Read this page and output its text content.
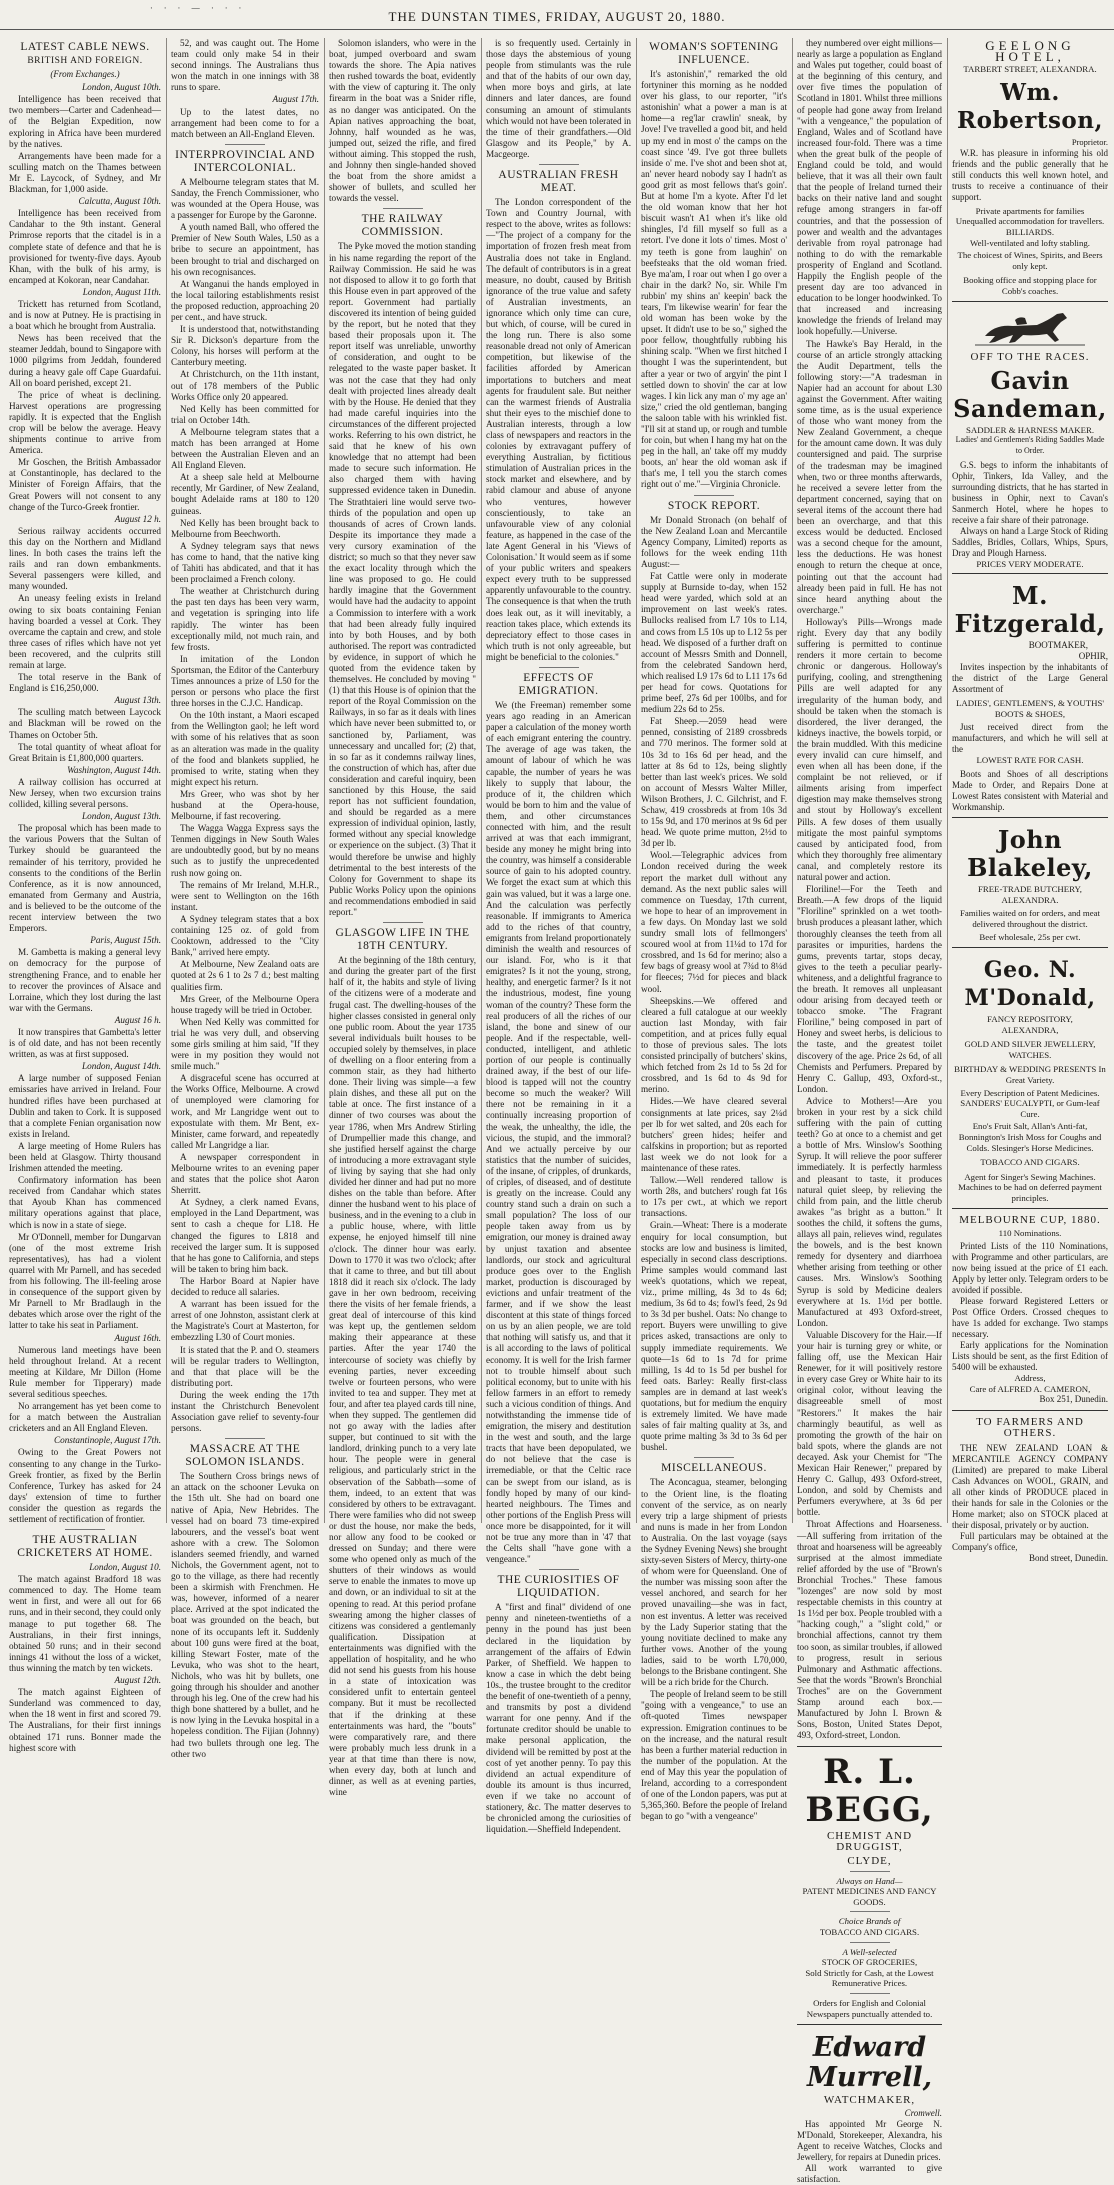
· · · — · · ·	THE DUNSTAN TIMES, FRIDAY, AUGUST 20, 1880.
LATEST CABLE NEWS.
BRITISH AND FOREIGN.
(From Exchanges.)
London, August 10th.

Intelligence has been received that two members—Carter and Cadenhead—of the Belgian Expedition, now exploring in Africa have been murdered by the natives.

Arrangements have been made for a sculling match on the Thames between Mr E. Laycock, of Sydney, and Mr Blackman, for 1,000 aside.

Calcutta, August 10th.

Intelligence has been received from Candahar to the 9th instant. General Primrose reports that the citadel is in a complete state of defence and that he is provisioned for twenty-five days. Ayoub Khan, with the bulk of his army, is encamped at Kokoran, near Candahar.

London, August 11th.

Trickett has returned from Scotland, and is now at Putney. He is practising in a boat which he brought from Australia.

News has been received that the steamer Jeddah, bound to Singapore with 1000 pilgrims from Jeddah, foundered during a heavy gale off Cape Guardafui. All on board perished, except 21.

The price of wheat is declining. Harvest operations are progressing rapidly. It is expected that the English crop will be below the average. Heavy shipments continue to arrive from America.

Mr Goschen, the British Ambassador at Constantinople, has declared to the Minister of Foreign Affairs, that the Great Powers will not consent to any change of the Turco-Greek frontier.

August 12 h.

Serious railway accidents occurred this day on the Northern and Midland lines. In both cases the trains left the rails and ran down embankments. Several passengers were killed, and many wounded.

An uneasy feeling exists in Ireland owing to six boats containing Fenian having boarded a vessel at Cork. They overcame the captain and crew, and stole three cases of rifles which have not yet been recovered, and the culprits still remain at large.

The total reserve in the Bank of England is £16,250,000.

August 13th.

The sculling match between Laycock and Blackman will be rowed on the Thames on October 5th.

The total quantity of wheat afloat for Great Britain is £1,800,000 quarters.

Washington, August 14th.

A railway collision has occurred at New Jersey, when two excursion trains collided, killing several persons.

London, August 13th.

The proposal which has been made to the various Powers that the Sultan of Turkey should be guaranteed the remainder of his territory, provided he consents to the conditions of the Berlin Conference, as it is now announced, emanated from Germany and Austria, and is believed to be the outcome of the recent interview between the two Emperors.

Paris, August 15th.

M. Gambetta is making a general levy on democracy for the purpose of strengthening France, and to enable her to recover the provinces of Alsace and Lorraine, which they lost during the last war with the Germans.

August 16 h.

It now transpires that Gambetta's letter is of old date, and has not been recently written, as was at first supposed.

London, August 14th.

A large number of supposed Fenian emissaries have arrived in Ireland. Four hundred rifles have been purchased at Dublin and taken to Cork. It is supposed that a complete Fenian organisation now exists in Ireland.

A large meeting of Home Rulers has been held at Glasgow. Thirty thousand Irishmen attended the meeting.

Confirmatory information has been received from Candahar which states that Ayoub Khan has commenced military operations against that place, which is now in a state of siege.

Mr O'Donnell, member for Dungarvan (one of the most extreme Irish representatives), has had a violent quarrel with Mr Parnell, and has seceded from his following. The ill-feeling arose in consequence of the support given by Mr Parnell to Mr Bradlaugh in the debates which arose over the right of the latter to take his seat in Parliament.

August 16th.

Numerous land meetings have been held throughout Ireland. At a recent meeting at Kildare, Mr Dillon (Home Rule member for Tipperary) made several seditious speeches.

No arrangement has yet been come to for a match between the Australian cricketers and an All England Eleven.

Constantinople, August 17th.

Owing to the Great Powers not consenting to any change in the Turko-Greek frontier, as fixed by the Berlin Conference, Turkey has asked for 24 days' extension of time to further consider the question as regards the settlement of rectification of frontier.

THE AUSTRALIAN CRICKETERS AT HOME.
London, August 10.

The match against Bradford 18 was commenced to day. The Home team went in first, and were all out for 66 runs, and in their second, they could only manage to put together 68. The Australians, in their first innings, obtained 50 runs; and in their second innings 41 without the loss of a wicket, thus winning the match by ten wickets.

August 12th.

The match against Eighteen of Sunderland was commenced to day, when the 18 went in first and scored 79. The Australians, for their first innings obtained 171 runs. Bonner made the highest score with

52, and was caught out. The Home team could only make 54 in their second innings. The Australians thus won the match in one innings with 38 runs to spare.

August 17th.

Up to the latest dates, no arrangement had been come to for a match between an All-England Eleven.

INTERPROVINCIAL AND INTERCOLONIAL.

A Melbourne telegram states that M. Sanday, the French Commissioner, who was wounded at the Opera House, was a passenger for Europe by the Garonne.

A youth named Ball, who offered the Premier of New South Wales, L50 as a bribe to secure an appointment, has been brought to trial and discharged on his own recognisances.

At Wanganui the hands employed in the local tailoring establishments resist the proposed reduction, approaching 20 per cent., and have struck.

It is understood that, notwithstanding Sir R. Dickson's departure from the Colony, his horses will perform at the Canterbury meeting.

At Christchurch, on the 11th instant, out of 178 members of the Public Works Office only 20 appeared.

Ned Kelly has been committed for trial on October 14th.

A Melbourne telegram states that a match has been arranged at Home between the Australian Eleven and an All England Eleven.

At a sheep sale held at Melbourne recently, Mr Gardiner, of New Zealand, bought Adelaide rams at 180 to 120 guineas.

Ned Kelly has been brought back to Melbourne from Beechworth.

A Sydney telegram says that news has come to hand, that the native king of Tahiti has abdicated, and that it has been proclaimed a French colony.

The weather at Christchurch during the past ten days has been very warm, and vegetation is springing into life rapidly. The winter has been exceptionally mild, not much rain, and few frosts.

In imitation of the London Sportsman, the Editor of the Canterbury Times announces a prize of L50 for the person or persons who place the first three horses in the C.J.C. Handicap.

On the 10th instant, a Maori escaped from the Wellington gaol; he left word with some of his relatives that as soon as an alteration was made in the quality of the food and blankets supplied, he promised to write, stating when they might expect his return.

Mrs Greer, who was shot by her husband at the Opera-house, Melbourne, if fast recovering.

The Wagga Wagga Express says the Tenmen diggings in New South Wales are undoubtedly good, but by no means such as to justify the unprecedented rush now going on.

The remains of Mr Ireland, M.H.R., were sent to Wellington on the 16th instant.

A Sydney telegram states that a box containing 125 oz. of gold from Cooktown, addressed to the "City Bank," arrived here empty.

At Melbourne, New Zealand oats are quoted at 2s 6 1 to 2s 7 d.; best malting qualities firm.

Mrs Greer, of the Melbourne Opera house tragedy will be tried in October.

When Ned Kelly was committed for trial he was very dull, and observing some girls smiling at him said, "If they were in my position they would not smile much."

A disgraceful scene has occurred at the Works Office, Melbourne. A crowd of unemployed were clamoring for work, and Mr Langridge went out to expostulate with them. Mr Bent, ex-Minister, came forward, and repeatedly called Mr Langridge a liar.

A newspaper correspondent in Melbourne writes to an evening paper and states that the police shot Aaron Sherritt.

At Sydney, a clerk named Evans, employed in the Land Department, was sent to cash a cheque for L18. He changed the figures to L818 and received the larger sum. It is supposed that he has gone to California, and steps will be taken to bring him back.

The Harbor Board at Napier have decided to reduce all salaries.

A warrant has been issued for the arrest of one Johnston, assistant clerk at the Magistrate's Court at Masterton, for embezzling L30 of Court monies.

It is stated that the P. and O. steamers will be regular traders to Wellington, and that that place will be the distributing port.

During the week ending the 17th instant the Christchurch Benevolent Association gave relief to seventy-four persons.

MASSACRE AT THE SOLOMON ISLANDS.

The Southern Cross brings news of an attack on the schooner Levuka on the 15th ult. She had on board one native of Apia, New Hebrides. The vessel had on board 73 time-expired labourers, and the vessel's boat went ashore with a crew. The Solomon islanders seemed friendly, and warned Nichols, the Government agent, not to go to the village, as there had recently been a skirmish with Frenchmen. He was, however, informed of a nearer place. Arrived at the spot indicated the boat was grounded on the beach, but none of its occupants left it. Suddenly about 100 guns were fired at the boat, killing Stewart Foster, mate of the Levuka, who was shot to the heart, Nichols, who was hit by bullets, one going through his shoulder and another through his leg. One of the crew had his thigh bone shattered by a bullet, and he is now lying in the Levuka hospital in a hopeless condition. The Fijian (Johnny) had two bullets through one leg. The other two

Solomon islanders, who were in the boat, jumped overboard and swam towards the shore. The Apia natives then rushed towards the boat, evidently with the view of capturing it. The only firearm in the boat was a Snider rifle, as no danger was anticipated. On the Apian natives approaching the boat, Johnny, half wounded as he was, jumped out, seized the rifle, and fired without aiming. This stopped the rush, and Johnny then single-handed shoved the boat from the shore amidst a shower of bullets, and sculled her towards the vessel.

THE RAILWAY COMMISSION.

The Pyke moved the motion standing in his name regarding the report of the Railway Commission. He said he was not disposed to allow it to go forth that this House even in part approved of the report. Government had partially discovered its intention of being guided by the report, but he noted that they based their proposals upon it. The report itself was unreliable, unworthy of consideration, and ought to be relegated to the waste paper basket. It was not the case that they had only dealt with projected lines already dealt with by the House. He denied that they had made careful inquiries into the circumstances of the different projected works. Referring to his own district, he said that he knew of his own knowledge that no attempt had been made to secure such information. He also charged them with having suppressed evidence taken in Dunedin. The Strathtaieri line would serve two-thirds of the population and open up thousands of acres of Crown lands. Despite its importance they made a very cursory examination of the district; so much so that they never saw the exact locality through which the line was proposed to go. He could hardly imagine that the Government would have had the audacity to appoint a Commission to interfere with a work that had been already fully inquired into by both Houses, and by both authorised. The report was contradicted by evidence, in support of which he quoted from the evidence taken by themselves. He concluded by moving "(1) that this House is of opinion that the report of the Royal Commission on the Railways, in so far as it deals with lines which have never been submitted to, or sanctioned by, Parliament, was unnecessary and uncalled for; (2) that, in so far as it condemns railway lines, the construction of which has, after due consideration and careful inquiry, been sanctioned by this House, the said report has not sufficient foundation, and should be regarded as a mere expression of individual opinion, lastly, formed without any special knowledge or experience on the subject. (3) That it would therefore be unwise and highly detrimental to the best interests of the Colony for Government to shape its Public Works Policy upon the opinions and recommendations embodied in said report."

GLASGOW LIFE IN THE 18TH CENTURY.

At the beginning of the 18th century, and during the greater part of the first half of it, the habits and style of living of the citizens were of a moderate and frugal cast. The dwelling-houses of the higher classes consisted in general only one public room. About the year 1735 several individuals built houses to be occupied solely by themselves, in place of dwelling on a floor entering from a common stair, as they had hitherto done. Their living was simple—a few plain dishes, and these all put on the table at once. The first instance of a dinner of two courses was about the year 1786, when Mrs Andrew Stirling of Drumpellier made this change, and she justified herself against the charge of introducing a more extravagant style of living by saying that she had only divided her dinner and had put no more dishes on the table than before. After dinner the husband went to his place of business, and in the evening to a club in a public house, where, with little expense, he enjoyed himself till nine o'clock. The dinner hour was early. Down to 1770 it was two o'clock; after that it came to three, and but till about 1818 did it reach six o'clock. The lady gave in her own bedroom, receiving there the visits of her female friends, a great deal of intercourse of this kind was kept up, the gentlemen seldom making their appearance at these parties. After the year 1740 the intercourse of society was chiefly by evening parties, never exceeding twelve or fourteen persons, who were invited to tea and supper. They met at four, and after tea played cards till nine, when they supped. The gentlemen did not go away with the ladies after supper, but continued to sit with the landlord, drinking punch to a very late hour. The people were in general religious, and particularly strict in the observation of the Sabbath—some of them, indeed, to an extent that was considered by others to be extravagant. There were families who did not sweep or dust the house, nor make the beds, nor allow any food to be cooked or dressed on Sunday; and there were some who opened only as much of the shutters of their windows as would serve to enable the inmates to move up and down, or an individual to sit at the opening to read. At this period profane swearing among the higher classes of citizens was considered a gentlemanly qualification. Dissipation at entertainments was dignified with the appellation of hospitality, and he who did not send his guests from his house in a state of intoxication was considered unfit to entertain genteel company. But it must be recollected that if the drinking at these entertainments was hard, the "bouts" were comparatively rare, and there were probably much less drunk in a year at that time than there is now, when every day, both at lunch and dinner, as well as at evening parties, wine

is so frequently used. Certainly in those days the abstemious of young people from stimulants was the rule and that of the habits of our own day, when more boys and girls, at late dinners and later dances, are found consuming an amount of stimulants which would not have been tolerated in the time of their grandfathers.—Old Glasgow and its People," by A. Macgeorge.

AUSTRALIAN FRESH MEAT.

The London correspondent of the Town and Country Journal, with respect to the above, writes as follows:—"The project of a company for the importation of frozen fresh meat from Australia does not take in England. The default of contributors is in a great measure, no doubt, caused by British ignorance of the true value and safety of Australian investments, an ignorance which only time can cure, but which, of course, will be cured in the long run. There is also some reasonable dread not only of American competition, but likewise of the facilities afforded by American importations to butchers and meat agents for fraudulent sale. But neither can the warmest friends of Australia shut their eyes to the mischief done to Australian interests, through a low class of newspapers and reactors in the colonies by extravagant puffery of everything Australian, by fictitious stimulation of Australian prices in the stock market and elsewhere, and by rabid clamour and abuse of anyone who ventures, however conscientiously, to take an unfavourable view of any colonial feature, as happened in the case of the late Agent General in his 'Views of Colonisation.' It would seem as if some of your public writers and speakers expect every truth to be suppressed apparently unfavourable to the country. The consequence is that when the truth does leak out, as it will inevitably, a reaction takes place, which extends its depreciatory effect to those cases in which truth is not only agreeable, but might be beneficial to the colonies."

EFFECTS OF EMIGRATION.

We (the Freeman) remember some years ago reading in an American paper a calculation of the money worth of each emigrant entering the country. The average of age was taken, the amount of labour of which he was capable, the number of years he was likely to supply that labour, the produce of it, the children which would be born to him and the value of them, and other circumstances connected with him, and the result arrived at was that each immigrant, beside any money he might bring into the country, was himself a considerable source of gain to his adopted country. We forget the exact sum at which this gain was valued, but it was a large one. And the calculation was perfectly reasonable. If immigrants to America add to the riches of that country, emigrants from Ireland proportionately diminish the wealth and resources of our island. For, who is it that emigrates? Is it not the young, strong, healthy, and energetic farmer? Is it not the industrious, modest, fine young woman of the country? These form the real producers of all the riches of our island, the bone and sinew of our people. And if the respectable, well-conducted, intelligent, and athletic portion of our people is continually drained away, if the best of our life-blood is tapped will not the country become so much the weaker? Will there not be remaining in it a continually increasing proportion of the weak, the unhealthy, the idle, the vicious, the stupid, and the immoral? And we actually perceive by our statistics that the number of suicides, of the insane, of cripples, of drunkards, of criples, of diseased, and of destitute is greatly on the increase. Could any country stand such a drain on such a small population? The loss of our people taken away from us by emigration, our money is drained away by unjust taxation and absentee landlords, our stock and agricultural produce goes over to the English market, production is discouraged by evictions and unfair treatment of the farmer, and if we show the least discontent at this state of things forced on us by an alien people, we are told that nothing will satisfy us, and that it is all according to the laws of political economy. It is well for the Irish farmer not to trouble himself about such political economy, but to unite with his fellow farmers in an effort to remedy such a vicious condition of things. And notwithstanding the immense tide of emigration, the misery and destitution in the west and south, and the large tracts that have been depopulated, we do not believe that the case is irremediable, or that the Celtic race can be swept from our island, as is fondly hoped by many of our kind-hearted neighbours. The Times and other portions of the English Press will once more be disappointed, for it will not be true any more than in '47 that the Celts shall "have gone with a vengeance."

THE CURIOSITIES OF LIQUIDATION.

A "first and final" dividend of one penny and nineteen-twentieths of a penny in the pound has just been declared in the liquidation by arrangement of the affairs of Edwin Parker, of Sheffield. We happen to know a case in which the debt being 10s., the trustee brought to the creditor the benefit of one-twentieth of a penny, and transmits by post a dividend warrant for one penny. And if the fortunate creditor should be unable to make personal application, the dividend will be remitted by post at the cost of yet another penny. To pay this dividend an actual expenditure of double its amount is thus incurred, even if we take no account of stationery, &c. The matter deserves to be chronicled among the curiosities of liquidation.—Sheffield Independent.

WOMAN'S SOFTENING INFLUENCE.

It's astonishin'," remarked the old fortyniner this morning as he nodded over his glass, to our reporter, "it's astonishin' what a power a man is at home—a reg'lar crawlin' sneak, by Jove! I've travelled a good bit, and held up my end in most o' the camps on the coast since '49. I've got three bullets inside o' me. I've shot and been shot at, an' never heard nobody say I hadn't as good grit as most fellows that's goin'. But at home I'm a kyote. After I'd let the old woman know that her hot biscuit wasn't A1 when it's like old shingles, I'd fill myself so full as a retort. I've done it lots o' times. Most o' my teeth is gone from laughin' on beefsteaks that the old woman fried. Bye ma'am, I roar out when I go over a chair in the dark? No, sir. While I'm rubbin' my shins an' keepin' back the tears, I'm likewise wearin' for fear the old woman has been woke by the upset. It didn't use to be so," sighed the poor fellow, thoughtfully rubbing his shining scalp. "When we first hitched I thought I was the superintendent, but after a year or two of argyin' the pint I settled down to shovin' the car at low wages. I kin lick any man o' my age an' size," cried the old gentleman, banging the saloon table with his wrinkled fist. "I'll sit at stand up, or rough and tumble for coin, but when I hang my hat on the peg in the hall, an' take off my muddy boots, an' hear the old woman ask if that's me, I tell you the starch comes right out o' me."—Virginia Chronicle.

STOCK REPORT.

Mr Donald Stronach (on behalf of the New Zealand Loan and Mercantile Agency Company, Limited) reports as follows for the week ending 11th August:—

Fat Cattle were only in moderate supply at Burnside to-day, when 152 head were yarded, which sold at an improvement on last week's rates. Bullocks realised from L7 10s to L14, and cows from L5 10s up to L12 5s per head. We disposed of a further draft on account of Messrs Smith and Donnell, from the celebrated Sandown herd, which realised L9 17s 6d to L11 17s 6d per head for cows. Quotations for prime beef, 27s 6d per 100lbs, and for medium 22s 6d to 25s.

Fat Sheep.—2059 head were penned, consisting of 2189 crossbreds and 770 merinos. The former sold at 10s 3d to 16s 6d per head, and the latter at 8s 6d to 12s, being slightly better than last week's prices. We sold on account of Messrs Walter Miller, Wilson Brothers, J. C. Gilchrist, and F. Schaw, 419 crossbreds at from 10s 3d to 15s 9d, and 170 merinos at 9s 6d per head. We quote prime mutton, 2½d to 3d per lb.

Wool.—Telegraphic advices from London received during the week report the market dull without any demand. As the next public sales will commence on Tuesday, 17th current, we hope to hear of an improvement in a few days. On Monday last we sold sundry small lots of fellmongers' scoured wool at from 11¼d to 17d for crossbred, and 1s 6d for merino; also a few bags of greasy wool at 7¾d to 8¼d for fleeces; 7½d for pieces and black wool.

Sheepskins.—We offered and cleared a full catalogue at our weekly auction last Monday, with fair competition, and at prices fully equal to those of previous sales. The lots consisted principally of butchers' skins, which fetched from 2s 1d to 5s 2d for crossbred, and 1s 6d to 4s 9d for merino.

Hides.—We have cleared several consignments at late prices, say 2¼d per lb for wet salted, and 20s each for butchers' green hides; heifer and calfskins in proportion; but as reported last week we do not look for a maintenance of these rates.

Tallow.—Well rendered tallow is worth 28s, and butchers' rough fat 16s to 17s per cwt., at which we report transactions.

Grain.—Wheat: There is a moderate enquiry for local consumption, but stocks are low and business is limited, especially in second class descriptions. Prime samples would command last week's quotations, which we repeat, viz., prime milling, 4s 3d to 4s 6d; medium, 3s 6d to 4s; fowl's feed, 2s 9d to 3s 3d per bushel. Oats: No change to report. Buyers were unwilling to give prices asked, transactions are only to supply immediate requirements. We quote—1s 6d to 1s 7d for prime milling, 1s 4d to 1s 5d per bushel for feed oats. Barley: Really first-class samples are in demand at last week's quotations, but for medium the enquiry is extremely limited. We have made sales of fair malting quality at 3s, and quote prime malting 3s 3d to 3s 6d per bushel.

MISCELLANEOUS.

The Aconcagua, steamer, belonging to the Orient line, is the floating convent of the service, as on nearly every trip a large shipment of priests and nuns is made in her from London to Australia. On the last voyage (says the Sydney Evening News) she brought sixty-seven Sisters of Mercy, thirty-one of whom were for Queensland. One of the number was missing soon after the vessel anchored, and search for her proved unavailing—she was in fact, non est inventus. A letter was received by the Lady Superior stating that the young novitiate declined to make any further vows. Another of the young ladies, said to be worth L70,000, belongs to the Brisbane contingent. She will be a rich bride for the Church.

The people of Ireland seem to be still "going with a vengeance," to use an oft-quoted Times newspaper expression. Emigration continues to be on the increase, and the natural result has been a further material reduction in the number of the population. At the end of May this year the population of Ireland, according to a correspondent of one of the London papers, was put at 5,365,360. Before the people of Ireland began to go "with a vengeance"

they numbered over eight millions—nearly as large a population as England and Wales put together, could boast of at the beginning of this century, and over five times the population of Scotland in 1801. Whilst three millions of people had gone away from Ireland "with a vengeance," the population of England, Wales and of Scotland have increased four-fold. There was a time when the great bulk of the people of England could be told, and would believe, that it was all their own fault that the people of Ireland turned their backs on their native land and sought refuge among strangers in far-off countries, and that the possession of power and wealth and the advantages derivable from royal patronage had nothing to do with the remarkable prosperity of England and Scotland. Happily the English people of the present day are too advanced in education to be longer hoodwinked. To that increased and increasing knowledge the friends of Ireland may look hopefully.—Universe.

The Hawke's Bay Herald, in the course of an article strongly attacking the Audit Department, tells the following story:—"A tradesman in Napier had an account for about L30 against the Government. After waiting some time, as is the usual experience of those who want money from the New Zealand Government, a cheque for the amount came down. It was duly countersigned and paid. The surprise of the tradesman may be imagined when, two or three months afterwards, he received a severe letter from the department concerned, saying that on several items of the account there had been an overcharge, and that this excess would be deducted. Enclosed was a second cheque for the amount, less the deductions. He was honest enough to return the cheque at once, pointing out that the account had already been paid in full. He has not since heard anything about the overcharge."

Holloway's Pills—Wrongs made right. Every day that any bodily suffering is permitted to continue renders it more certain to become chronic or dangerous. Holloway's purifying, cooling, and strengthening Pills are well adapted for any irregularity of the human body, and should be taken when the stomach is disordered, the liver deranged, the kidneys inactive, the bowels torpid, or the brain muddled. With this medicine every invalid can cure himself, and even when all has been done, if the complaint be not relieved, or if ailments arising from imperfect digestion may make themselves strong and stout by Holloway's excellent Pills. A few doses of them usually mitigate the most painful symptoms caused by anticipated food, from which they thoroughly free alimentary canal, and completely restore its natural power and action.

Floriline!—For the Teeth and Breath.—A few drops of the liquid "Floriline" sprinkled on a wet tooth-brush produces a pleasant lather, which thoroughly cleanses the teeth from all parasites or impurities, hardens the gums, prevents tartar, stops decay, gives to the teeth a peculiar pearly-whiteness, and a delightful fragrance to the breath. It removes all unpleasant odour arising from decayed teeth or tobacco smoke. "The Fragrant Floriline," being composed in part of Honey and sweet herbs, is delicious to the taste, and the greatest toilet discovery of the age. Price 2s 6d, of all Chemists and Perfumers. Prepared by Henry C. Gallup, 493, Oxford-st., London.

Advice to Mothers!—Are you broken in your rest by a sick child suffering with the pain of cutting teeth? Go at once to a chemist and get a bottle of Mrs. Winslow's Soothing Syrup. It will relieve the poor sufferer immediately. It is perfectly harmless and pleasant to taste, it produces natural quiet sleep, by relieving the child from pain, and the little cherub awakes "as bright as a button." It soothes the child, it softens the gums, allays all pain, relieves wind, regulates the bowels, and is the best known remedy for dysentery and diarrhoea whether arising from teething or other causes. Mrs. Winslow's Soothing Syrup is sold by Medicine dealers everywhere at 1s. 1½d per bottle. Manufactured at 493 Oxford-street, London.

Valuable Discovery for the Hair.—If your hair is turning grey or white, or falling off, use the Mexican Hair Renewer, for it will positively restore in every case Grey or White hair to its original color, without leaving the disagreeable smell of most "Restorers." It makes the hair charmingly beautiful, as well as promoting the growth of the hair on bald spots, where the glands are not decayed. Ask your Chemist for "The Mexican Hair Renewer," prepared by Henry C. Gallup, 493 Oxford-street, London, and sold by Chemists and Perfumers everywhere, at 3s 6d per bottle.

Throat Affections and Hoarseness.—All suffering from irritation of the throat and hoarseness will be agreeably surprised at the almost immediate relief afforded by the use of "Brown's Bronchial Troches." These famous "lozenges" are now sold by most respectable chemists in this country at 1s 1½d per box. People troubled with a "hacking cough," a "slight cold," or bronchial affections, cannot try them too soon, as similar troubles, if allowed to progress, result in serious Pulmonary and Asthmatic affections. See that the words "Brown's Bronchial Troches" are on the Government Stamp around each box.—Manufactured by John I. Brown & Sons, Boston, United States Depot, 493, Oxford-street, London.

R. L. BEGG,
CHEMIST AND DRUGGIST,
CLYDE,
Always on Hand—
PATENT MEDICINES AND FANCY GOODS.
Choice Brands of
TOBACCO AND CIGARS.
A Well-selected
STOCK OF GROCERIES,
Sold Strictly for Cash, at the Lowest Remunerative Prices.
Orders for English and Colonial Newspapers punctually attended to.
Edward Murrell,
WATCHMAKER,
Cromwell.
Has appointed Mr George N. M'Donald, Storekeeper, Alexandra, his Agent to receive Watches, Clocks and Jewellery, for repairs at Dunedin prices.
All work warranted to give satisfaction.
GEELONG HOTEL,
TARBERT STREET, ALEXANDRA.
Wm. Robertson,
Proprietor.
W.R. has pleasure in informing his old friends and the public generally that he still conducts this well known hotel, and trusts to receive a continuance of their support.
Private apartments for families
Unequalled accommodation for travellers.
BILLIARDS.
Well-ventilated and lofty stabling.
The choicest of Wines, Spirits, and Beers only kept.
Booking office and stopping place for Cobb's coaches.
OFF TO THE RACES.
Gavin Sandeman,
SADDLER & HARNESS MAKER.
Ladies' and Gentlemen's Riding Saddles Made to Order.
G.S. begs to inform the inhabitants of Ophir, Tinkers, Ida Valley, and the surrounding districts, that he has started in business in Ophir, next to Cavan's Sanmerch Hotel, where he hopes to receive a fair share of their patronage.
Always on hand a Large Stock of Riding Saddles, Bridles, Collars, Whips, Spurs, Dray and Plough Harness.
PRICES VERY MODERATE.
M. Fitzgerald,
BOOTMAKER,
OPHIR,
Invites inspection by the inhabitants of the district of the Large General Assortment of
LADIES', GENTLEMEN'S, & YOUTHS' BOOTS & SHOES,
Just received direct from the manufacturers, and which he will sell at the
LOWEST RATE FOR CASH.
Boots and Shoes of all descriptions Made to Order, and Repairs Done at Lowest Rates consistent with Material and Workmanship.
John Blakeley,
FREE-TRADE BUTCHERY,
ALEXANDRA.
Families waited on for orders, and meat delivered throughout the district.
Beef wholesale, 25s per cwt.
Geo. N. M'Donald,
FANCY REPOSITORY,
ALEXANDRA,
GOLD AND SILVER JEWELLERY, WATCHES.
BIRTHDAY & WEDDING PRESENTS In Great Variety.
Every Description of Patent Medicines. SANDERS' EUCALYPTI, or Gum-leaf Cure.
Eno's Fruit Salt, Allan's Anti-fat, Bonnington's Irish Moss for Coughs and Colds. Slesinger's Horse Medicines.
TOBACCO AND CIGARS.
Agent for Singer's Sewing Machines. Machines to be had on deferred payment principles.
MELBOURNE CUP, 1880.
110 Nominations.
Printed Lists of the 110 Nominations, with Programme and other particulars, are now being issued at the price of £1 each. Apply by letter only. Telegram orders to be avoided if possible.
Please forward Registered Letters or Post Office Orders. Crossed cheques to have 1s added for exchange. Two stamps necessary.
Early applications for the Nomination Lists should be sent, as the first Edition of 5400 will be exhausted.
Address,
Care of ALFRED A. CAMERON,
Box 251, Dunedin.
TO FARMERS AND OTHERS.
THE NEW ZEALAND LOAN & MERCANTILE AGENCY COMPANY (Limited) are prepared to make Liberal Cash Advances on WOOL, GRAIN, and all other kinds of PRODUCE placed in their hands for sale in the Colonies or the Home market; also on STOCK placed at their disposal, privately or by auction.
Full particulars may be obtained at the Company's office,
Bond street, Dunedin.
